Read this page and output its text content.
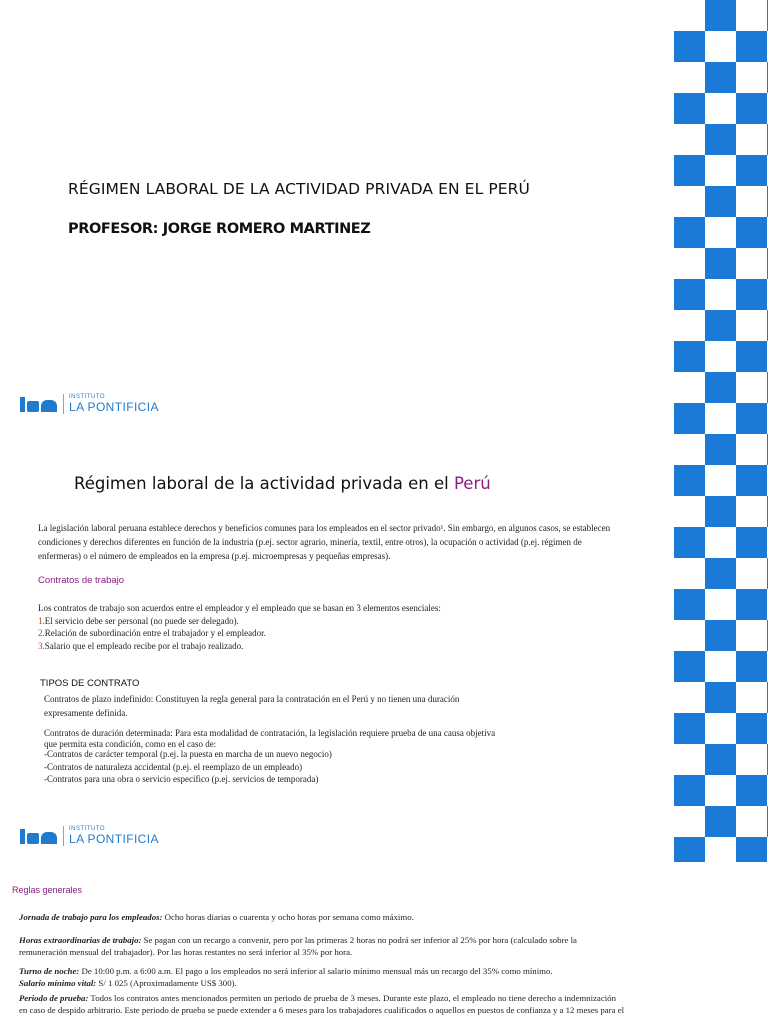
RÉGIMEN LABORAL DE LA ACTIVIDAD PRIVADA EN EL PERÚ
PROFESOR: JORGE ROMERO MARTINEZ
INSTITUTO
LA PONTIFICIA
Régimen laboral de la actividad privada en el Perú
La legislación laboral peruana establece derechos y beneficios comunes para los empleados en el sector privado¹. Sin embargo, en algunos casos, se establecen
condiciones y derechos diferentes en función de la industria (p.ej. sector agrario, minería, textil, entre otros), la ocupación o actividad (p.ej. régimen de
enfermeras) o el número de empleados en la empresa (p.ej. microempresas y pequeñas empresas).
Contratos de trabajo
Los contratos de trabajo son acuerdos entre el empleador y el empleado que se basan en 3 elementos esenciales:
1.El servicio debe ser personal (no puede ser delegado).
2.Relación de subordinación entre el trabajador y el empleador.
3.Salario que el empleado recibe por el trabajo realizado.
TIPOS DE CONTRATO
Contratos de plazo indefinido: Constituyen la regla general para la contratación en el Perú y no tienen una duración
expresamente definida.
Contratos de duración determinada: Para esta modalidad de contratación, la legislación requiere prueba de una causa objetiva
que permita esta condición, como en el caso de:
-Contratos de carácter temporal (p.ej. la puesta en marcha de un nuevo negocio)
-Contratos de naturaleza accidental (p.ej. el reemplazo de un empleado)
-Contratos para una obra o servicio específico (p.ej. servicios de temporada)
INSTITUTO
LA PONTIFICIA
Reglas generales
Jornada de trabajo para los empleados: Ocho horas diarias o cuarenta y ocho horas por semana como máximo.
Horas extraordinarias de trabajo: Se pagan con un recargo a convenir, pero por las primeras 2 horas no podrá ser inferior al 25% por hora (calculado sobre la
remuneración mensual del trabajador). Por las horas restantes no será inferior al 35% por hora.
Turno de noche: De 10:00 p.m. a 6:00 a.m. El pago a los empleados no será inferior al salario mínimo mensual más un recargo del 35% como mínimo.
Salario mínimo vital: S/ 1 025 (Aproximadamente US$ 300).
Periodo de prueba: Todos los contratos antes mencionados permiten un periodo de prueba de 3 meses. Durante este plazo, el empleado no tiene derecho a indemnización
en caso de despido arbitrario. Este periodo de prueba se puede extender a 6 meses para los trabajadores cualificados o aquellos en puestos de confianza y a 12 meses para el
